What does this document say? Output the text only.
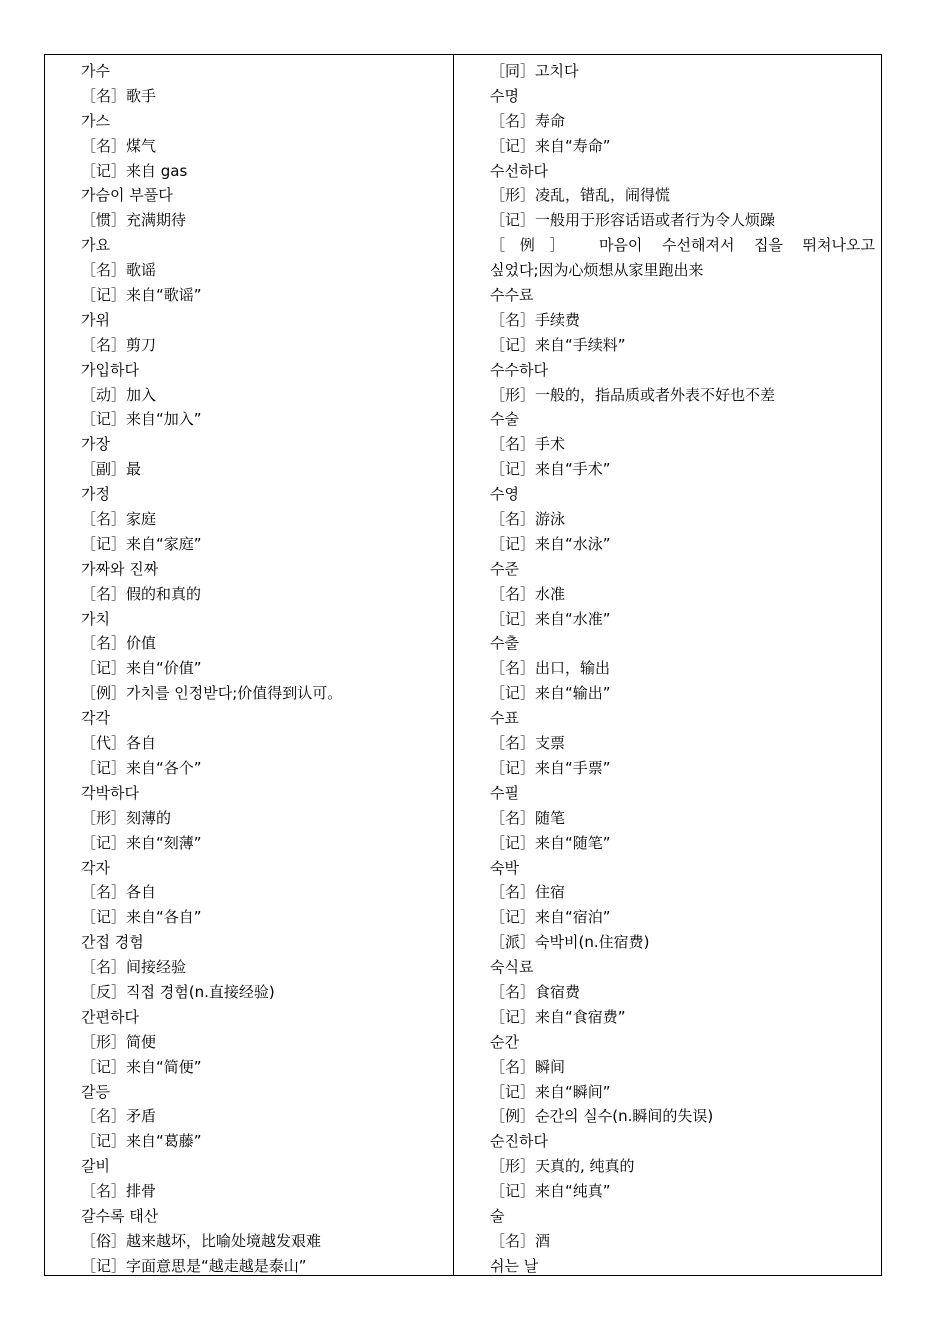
가수
［名］歌手
가스
［名］煤气
［记］来自 gas
가슴이 부풀다
［惯］充满期待
가요
［名］歌谣
［记］来自“歌谣”
가위
［名］剪刀
가입하다
［动］加入
［记］来自“加入”
가장
［副］最
가정
［名］家庭
［记］来自“家庭”
가짜와 진짜
［名］假的和真的
가치
［名］价值
［记］来自“价值”
［例］가치를 인정받다;价值得到认可。
각각
［代］各自
［记］来自“各个”
각박하다
［形］刻薄的
［记］来自“刻薄”
각자
［名］各自
［记］来自“各自”
간접 경험
［名］间接经验
［反］직접 경험(n.直接经验)
간편하다
［形］简便
［记］来自“简便”
갈등
［名］矛盾
［记］来自“葛藤”
갈비
［名］排骨
갈수록 태산
［俗］越来越坏，比喻处境越发艰难
［记］字面意思是“越走越是泰山”
［同］고치다
수명
［名］寿命
［记］来自“寿命”
수선하다
［形］凌乱，错乱，闹得慌
［记］一般用于形容话语或者行为令人烦躁
［例］ 마음이 수선해져서 집을 뛰쳐나오고
싶었다;因为心烦想从家里跑出来
수수료
［名］手续费
［记］来自“手续料”
수수하다
［形］一般的，指品质或者外表不好也不差
수술
［名］手术
［记］来自“手术”
수영
［名］游泳
［记］来自“水泳”
수준
［名］水准
［记］来自“水准”
수출
［名］出口，输出
［记］来自“输出”
수표
［名］支票
［记］来自“手票”
수필
［名］随笔
［记］来自“随笔”
숙박
［名］住宿
［记］来自“宿泊”
［派］숙박비(n.住宿费)
숙식료
［名］食宿费
［记］来自“食宿费”
순간
［名］瞬间
［记］来自“瞬间”
［例］순간의 실수(n.瞬间的失误)
순진하다
［形］天真的, 纯真的
［记］来自“纯真”
술
［名］酒
쉬는 날
